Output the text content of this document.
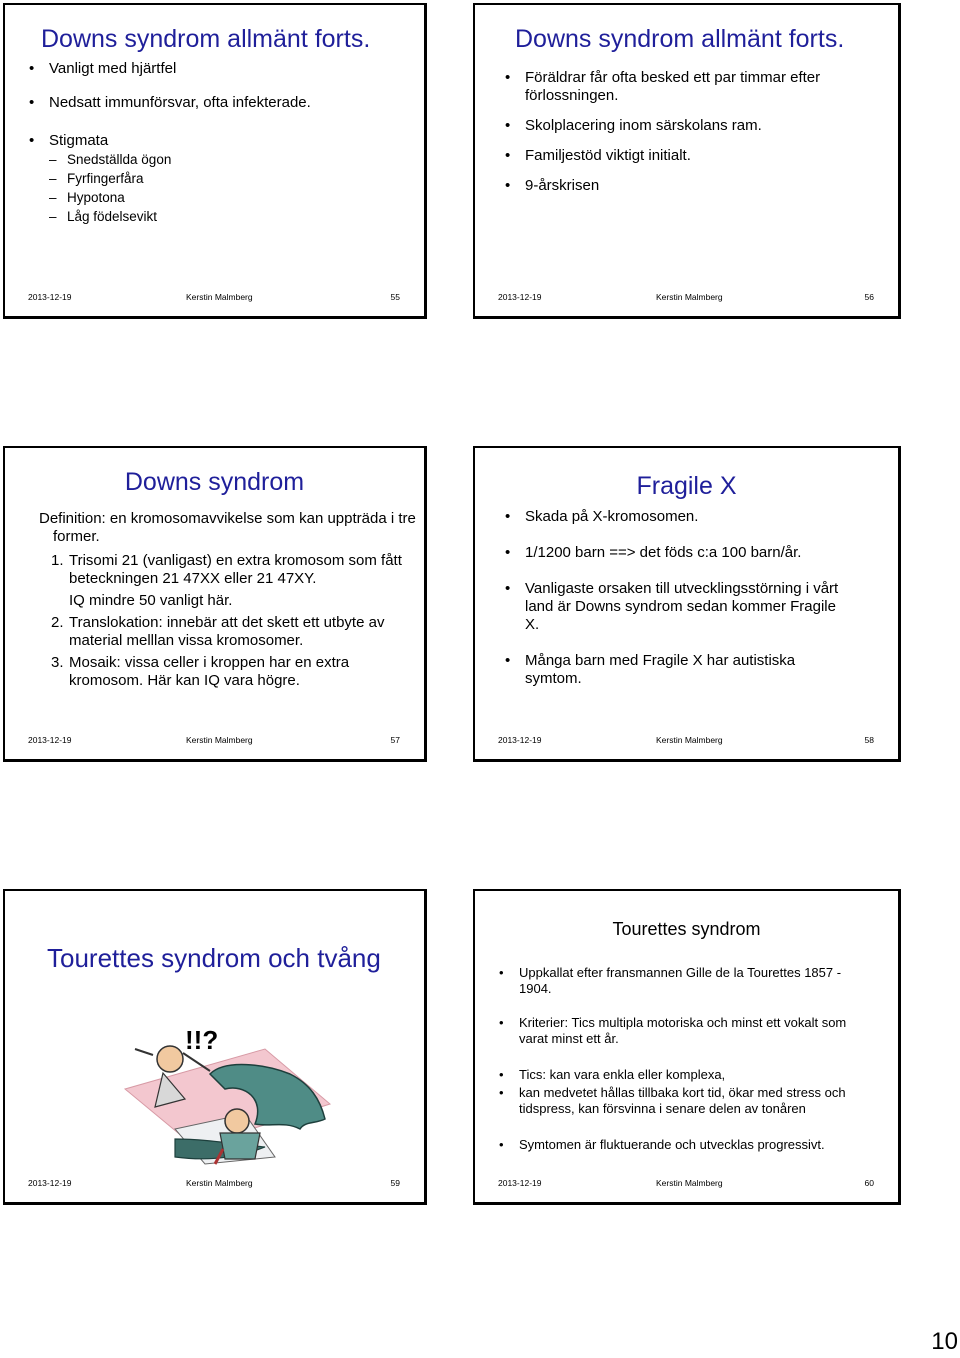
Downs syndrom allmänt forts.
• Vanligt med hjärtfel
• Nedsatt immunförsvar, ofta infekterade.
• Stigmata
– Snedställda ögon
– Fyrfingerfåra
– Hypotona
– Låg födelsevikt
2013-12-19	Kerstin Malmberg	55
Downs syndrom allmänt forts.
• Föräldrar får ofta besked ett par timmar efter förlossningen.
• Skolplacering inom särskolans ram.
• Familjestöd viktigt initialt.
• 9-årskrisen
2013-12-19	Kerstin Malmberg	56
Downs syndrom
Definition: en kromosomavvikelse som kan uppträda i tre former.
1. Trisomi 21 (vanligast) en extra kromosom som fått beteckningen 21 47XX eller 21 47XY.
IQ mindre 50 vanligt här.
2. Translokation: innebär att det skett ett utbyte av material melllan vissa kromosomer.
3. Mosaik: vissa celler i kroppen har en extra kromosom. Här kan IQ vara högre.
2013-12-19	Kerstin Malmberg	57
Fragile X
• Skada på X-kromosomen.
• 1/1200 barn ==> det föds c:a 100 barn/år.
• Vanligaste orsaken till utvecklingsstörning i vårt land är Downs syndrom sedan kommer Fragile X.
• Många barn med Fragile X har autistiska symtom.
2013-12-19	Kerstin Malmberg	58
Tourettes syndrom och tvång
!!?
2013-12-19	Kerstin Malmberg	59
Tourettes syndrom
• Uppkallat efter fransmannen Gille de la Tourettes 1857 - 1904.
• Kriterier: Tics multipla motoriska och minst ett vokalt som varat minst ett år.
• Tics: kan vara enkla eller komplexa,
• kan medvetet hållas tillbaka kort tid, ökar med stress och tidspress, kan försvinna i senare delen av tonåren
• Symtomen är fluktuerande och utvecklas progressivt.
2013-12-19	Kerstin Malmberg	60
10
